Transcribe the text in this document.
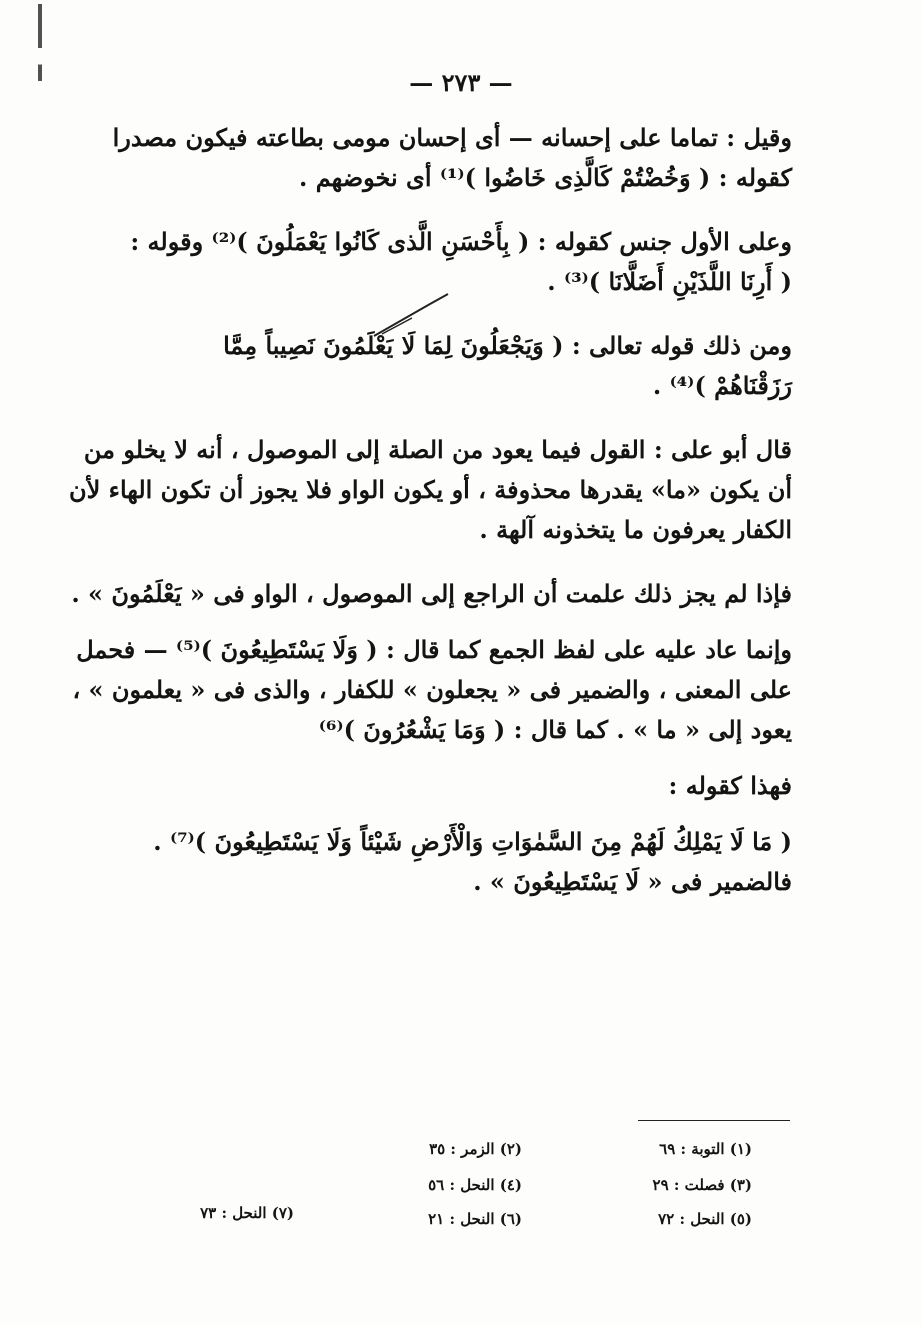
— ٢٧٣ —
وقيل : تماما على إحسانه — أى إحسان مومى بطاعته فيكون مصدرا
كقوله : ( وَخُضْتُمْ كَالَّذِى خَاضُوا )⁽¹⁾ أى نخوضهم .
وعلى الأول جنس كقوله : ( بِأَحْسَنِ الَّذى كَانُوا يَعْمَلُونَ )⁽²⁾ وقوله :
( أَرِنَا اللَّذَيْنِ أَضَلَّانَا )⁽³⁾ .
ومن ذلك قوله تعالى : ( وَيَجْعَلُونَ لِمَا لَا يَعْلَمُونَ نَصِيباً مِمَّا
رَزَقْنَاهُمْ )⁽⁴⁾ .
قال أبو على : القول فيما يعود من الصلة إلى الموصول ، أنه لا يخلو من
أن يكون «ما» يقدرها محذوفة ، أو يكون الواو فلا يجوز أن تكون الهاء لأن
الكفار يعرفون ما يتخذونه آلهة .
فإذا لم يجز ذلك علمت أن الراجع إلى الموصول ، الواو فى « يَعْلَمُونَ » .
وإنما عاد عليه على لفظ الجمع كما قال : ( وَلَا يَسْتَطِيعُونَ )⁽⁵⁾ — فحمل
على المعنى ، والضمير فى « يجعلون » للكفار ، والذى فى « يعلمون » ،
يعود إلى « ما » . كما قال : ( وَمَا يَشْعُرُونَ )⁽⁶⁾
فهذا كقوله :
( مَا لَا يَمْلِكُ لَهُمْ مِنَ السَّمٰوَاتِ وَالْأَرْضِ شَيْئاً وَلَا يَسْتَطِيعُونَ )⁽⁷⁾ .
فالضمير فى « لَا يَسْتَطِيعُونَ » .
(١) التوبة : ٦٩
(٢) الزمر : ٣٥
(٣) فصلت : ٢٩
(٤) النحل : ٥٦
(٥) النحل : ٧٢
(٦) النحل : ٢١
(٧) النحل : ٧٣
